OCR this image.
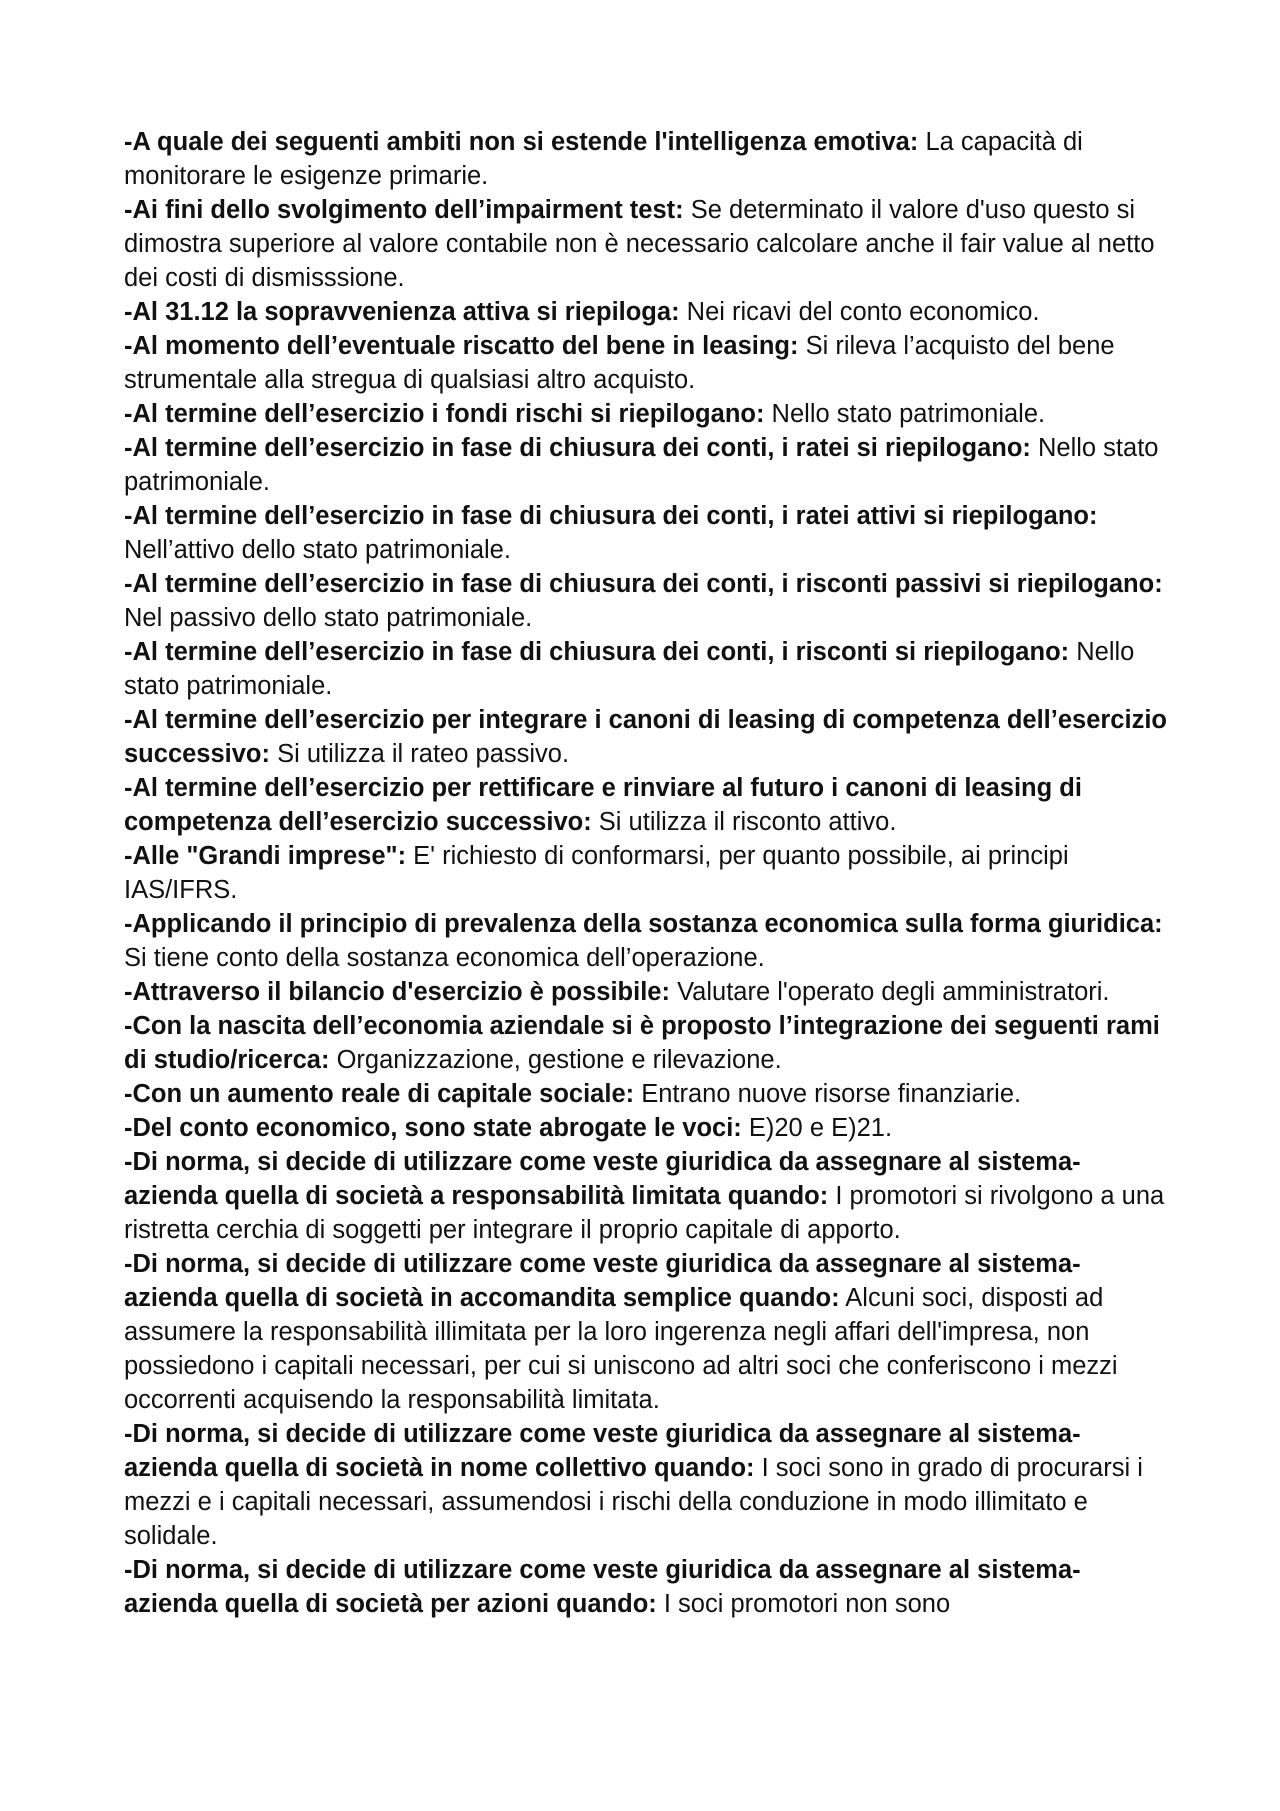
-A quale dei seguenti ambiti non si estende l'intelligenza emotiva: La capacità di monitorare le esigenze primarie.

-Ai fini dello svolgimento dell’impairment test: Se determinato il valore d'uso questo si dimostra superiore al valore contabile non è necessario calcolare anche il fair value al netto dei costi di dismisssione.

-Al 31.12 la sopravvenienza attiva si riepiloga: Nei ricavi del conto economico.

-Al momento dell’eventuale riscatto del bene in leasing: Si rileva l’acquisto del bene strumentale alla stregua di qualsiasi altro acquisto.

-Al termine dell’esercizio i fondi rischi si riepilogano: Nello stato patrimoniale.

-Al termine dell’esercizio in fase di chiusura dei conti, i ratei si riepilogano: Nello stato patrimoniale.

-Al termine dell’esercizio in fase di chiusura dei conti, i ratei attivi si riepilogano: Nell’attivo dello stato patrimoniale.

-Al termine dell’esercizio in fase di chiusura dei conti, i risconti passivi si riepilogano: Nel passivo dello stato patrimoniale.

-Al termine dell’esercizio in fase di chiusura dei conti, i risconti si riepilogano: Nello stato patrimoniale.

-Al termine dell’esercizio per integrare i canoni di leasing di competenza dell’esercizio successivo: Si utilizza il rateo passivo.

-Al termine dell’esercizio per rettificare e rinviare al futuro i canoni di leasing di competenza dell’esercizio successivo: Si utilizza il risconto attivo.

-Alle "Grandi imprese": E' richiesto di conformarsi, per quanto possibile, ai principi IAS/IFRS.

-Applicando il principio di prevalenza della sostanza economica sulla forma giuridica: Si tiene conto della sostanza economica dell’operazione.

-Attraverso il bilancio d'esercizio è possibile: Valutare l'operato degli amministratori.

-Con la nascita dell’economia aziendale si è proposto l’integrazione dei seguenti rami di studio/ricerca: Organizzazione, gestione e rilevazione.

-Con un aumento reale di capitale sociale: Entrano nuove risorse finanziarie.

-Del conto economico, sono state abrogate le voci: E)20 e E)21.

-Di norma, si decide di utilizzare come veste giuridica da assegnare al sistema-azienda quella di società a responsabilità limitata quando: I promotori si rivolgono a una ristretta cerchia di soggetti per integrare il proprio capitale di apporto.

-Di norma, si decide di utilizzare come veste giuridica da assegnare al sistema-azienda quella di società in accomandita semplice quando: Alcuni soci, disposti ad assumere la responsabilità illimitata per la loro ingerenza negli affari dell'impresa, non possiedono i capitali necessari, per cui si uniscono ad altri soci che conferiscono i mezzi occorrenti acquisendo la responsabilità limitata.

-Di norma, si decide di utilizzare come veste giuridica da assegnare al sistema-azienda quella di società in nome collettivo quando: I soci sono in grado di procurarsi i mezzi e i capitali necessari, assumendosi i rischi della conduzione in modo illimitato e solidale.

-Di norma, si decide di utilizzare come veste giuridica da assegnare al sistema-azienda quella di società per azioni quando: I soci promotori non sono
